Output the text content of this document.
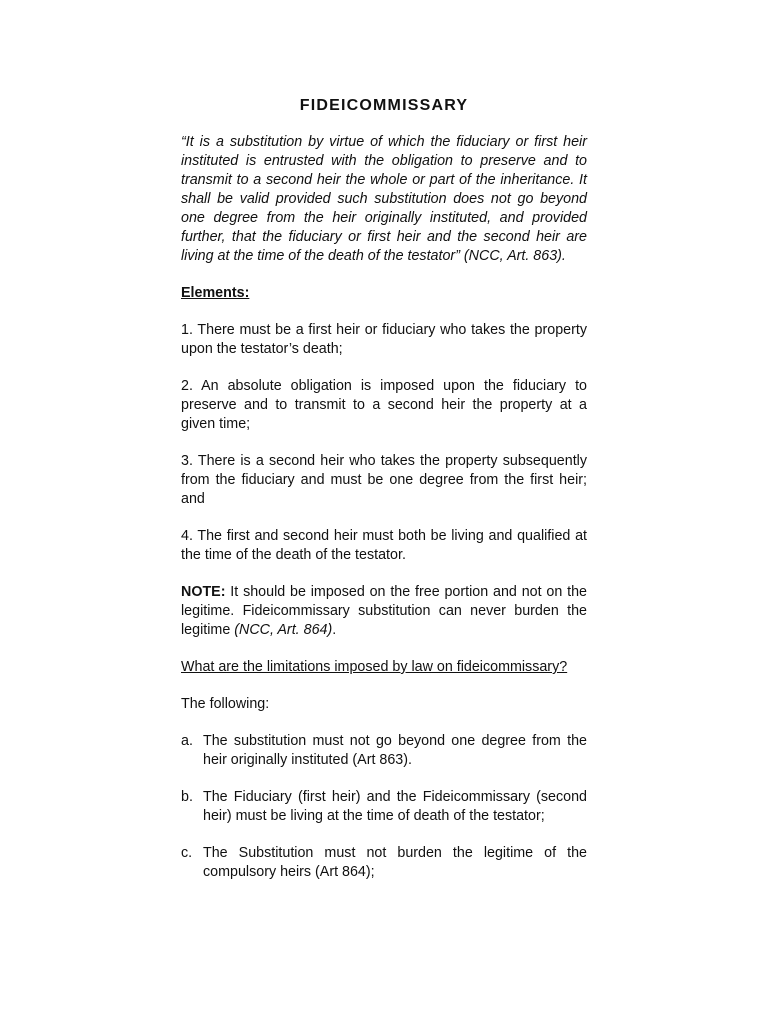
FIDEICOMMISSARY

“It is a substitution by virtue of which the fiduciary or first heir instituted is entrusted with the obligation to preserve and to transmit to a second heir the whole or part of the inheritance. It shall be valid provided such substitution does not go beyond one degree from the heir originally instituted, and provided further, that the fiduciary or first heir and the second heir are living at the time of the death of the testator” (NCC, Art. 863).

Elements:

1. There must be a first heir or fiduciary who takes the property upon the testator’s death;

2. An absolute obligation is imposed upon the fiduciary to preserve and to transmit to a second heir the property at a given time;

3. There is a second heir who takes the property subsequently from the fiduciary and must be one degree from the first heir; and

4. The first and second heir must both be living and qualified at the time of the death of the testator.

NOTE: It should be imposed on the free portion and not on the legitime. Fideicommissary substitution can never burden the legitime (NCC, Art. 864).

What are the limitations imposed by law on fideicommissary?

The following:

a. The substitution must not go beyond one degree from the heir originally instituted (Art 863).
b. The Fiduciary (first heir) and the Fideicommissary (second heir) must be living at the time of death of the testator;
c. The Substitution must not burden the legitime of the compulsory heirs (Art 864);
